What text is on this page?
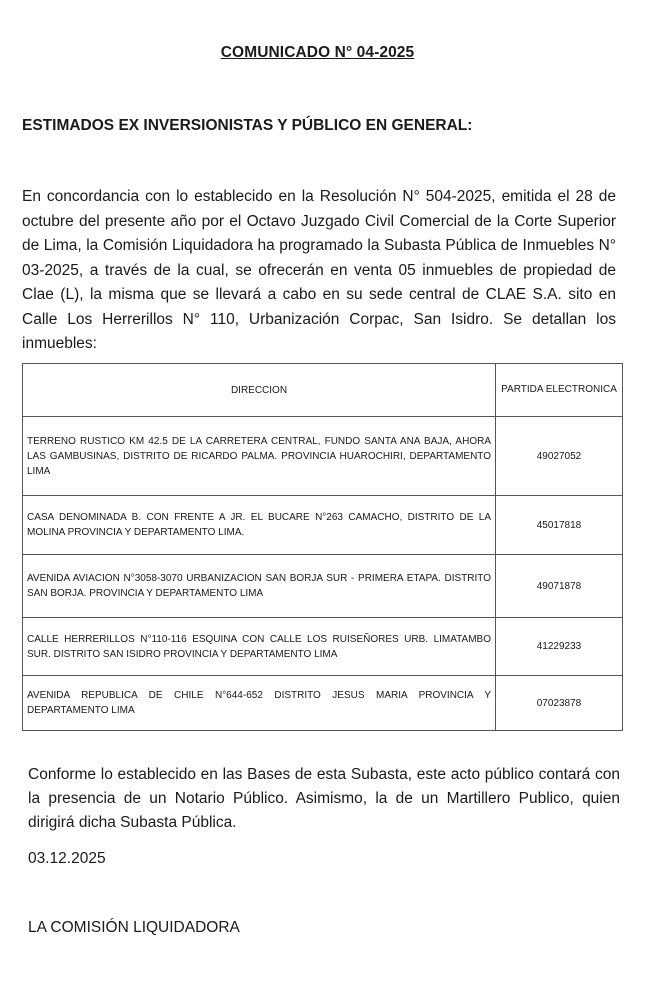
COMUNICADO N° 04-2025
ESTIMADOS EX INVERSIONISTAS Y PÚBLICO EN GENERAL:
En concordancia con lo establecido en la Resolución N° 504-2025, emitida el 28 de octubre del presente año por el Octavo Juzgado Civil Comercial de la Corte Superior de Lima, la Comisión Liquidadora ha programado la Subasta Pública de Inmuebles N° 03-2025, a través de la cual, se ofrecerán en venta 05 inmuebles de propiedad de Clae (L), la misma que se llevará a cabo en su sede central de CLAE S.A. sito en Calle Los Herrerillos N° 110, Urbanización Corpac, San Isidro. Se detallan los inmuebles:
DIRECCION	PARTIDA ELECTRONICA
TERRENO RUSTICO KM 42.5 DE LA CARRETERA CENTRAL, FUNDO SANTA ANA BAJA, AHORA LAS GAMBUSINAS, DISTRITO DE RICARDO PALMA. PROVINCIA HUAROCHIRI, DEPARTAMENTO LIMA	49027052
CASA DENOMINADA B. CON FRENTE A JR. EL BUCARE N°263 CAMACHO, DISTRITO DE LA MOLINA PROVINCIA Y DEPARTAMENTO LIMA.	45017818
AVENIDA AVIACION N°3058-3070 URBANIZACION SAN BORJA SUR - PRIMERA ETAPA. DISTRITO SAN BORJA. PROVINCIA Y DEPARTAMENTO LIMA	49071878
CALLE HERRERILLOS N°110-116 ESQUINA CON CALLE LOS RUISEÑORES URB. LIMATAMBO SUR. DISTRITO SAN ISIDRO PROVINCIA Y DEPARTAMENTO LIMA	41229233
AVENIDA REPUBLICA DE CHILE N°644-652 DISTRITO JESUS MARIA PROVINCIA Y DEPARTAMENTO LIMA	07023878
Conforme lo establecido en las Bases de esta Subasta, este acto público contará con la presencia de un Notario Público. Asimismo, la de un Martillero Publico, quien dirigirá dicha Subasta Pública.
03.12.2025
LA COMISIÓN LIQUIDADORA
